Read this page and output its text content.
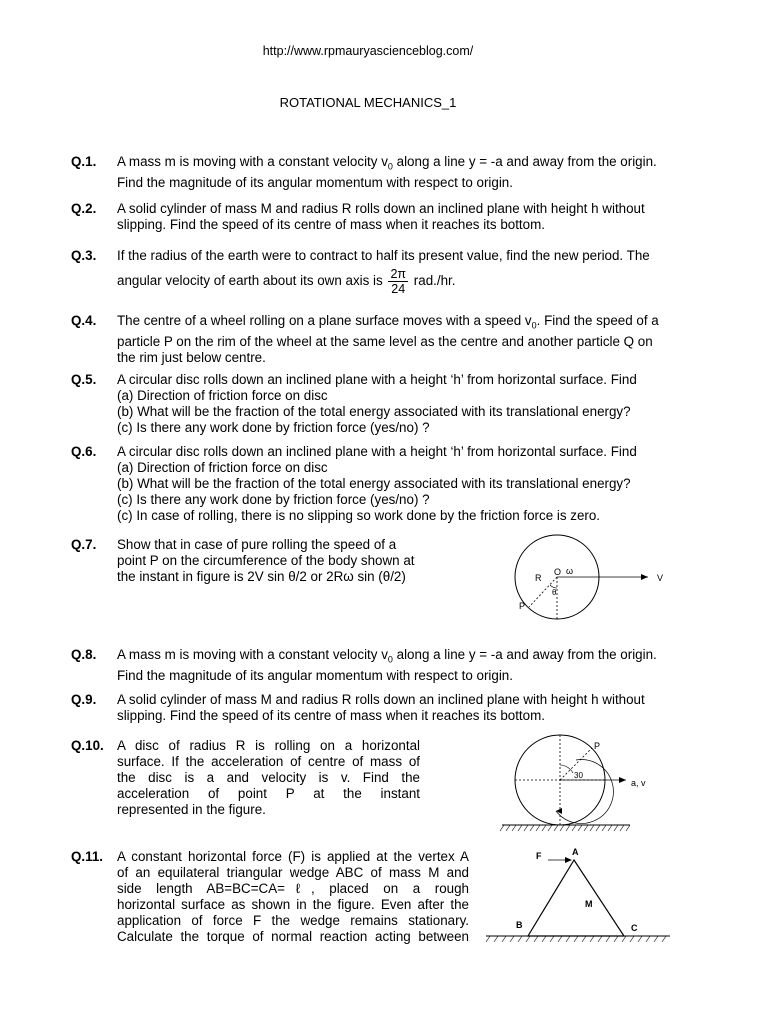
http://www.rpmauryascienceblog.com/
ROTATIONAL MECHANICS_1
Q.1. A mass m is moving with a constant velocity $v_0$ along a line y = -a and away from the origin.
Find the magnitude of its angular momentum with respect to origin.
Q.2. A solid cylinder of mass M and radius R rolls down an inclined plane with height h without
slipping. Find the speed of its centre of mass when it reaches its bottom.
Q.3. If the radius of the earth were to contract to half its present value, find the new period. The
angular velocity of earth about its own axis is $\frac{2\pi}{24} rad./hr$.
Q.4. The centre of a wheel rolling on a plane surface moves with a speed $v_0$. Find the speed of a
particle P on the rim of the wheel at the same level as the centre and another particle Q on
the rim just below centre.
Q.5. A circular disc rolls down an inclined plane with a height ‘h’ from horizontal surface. Find
(a) Direction of friction force on disc
(b) What will be the fraction of the total energy associated with its translational energy?
(c) Is there any work done by friction force (yes/no) ?
Q.6. A circular disc rolls down an inclined plane with a height ‘h’ from horizontal surface. Find
(a) Direction of friction force on disc
(b) What will be the fraction of the total energy associated with its translational energy?
(c) Is there any work done by friction force (yes/no) ?
(c) In case of rolling, there is no slipping so work done by the friction force is zero.
Q.7. Show that in case of pure rolling the speed of a
point P on the circumference of the body shown at
the instant in figure is 2V sin θ/2 or 2Rω sin (θ/2)	R
O ω
θ
V
P
Q.8. A mass m is moving with a constant velocity $v_0$ along a line y = -a and away from the origin.
Find the magnitude of its angular momentum with respect to origin.
Q.9. A solid cylinder of mass M and radius R rolls down an inclined plane with height h without
slipping. Find the speed of its centre of mass when it reaches its bottom.
Q.10. A disc of radius R is rolling on a horizontal
surface. If the acceleration of centre of mass of
the disc is a and velocity is v. Find the
acceleration of point P at the instant
represented in the figure.
P
30
a, v
Q.11. A constant horizontal force (F) is applied at the vertex A
of an equilateral triangular wedge ABC of mass M and
side length AB=BC=CA=ℓ, placed on a rough
horizontal surface as shown in the figure. Even after the
application of force F the wedge remains stationary.
Calculate the torque of normal reaction acting between
F	A
M
B	C
